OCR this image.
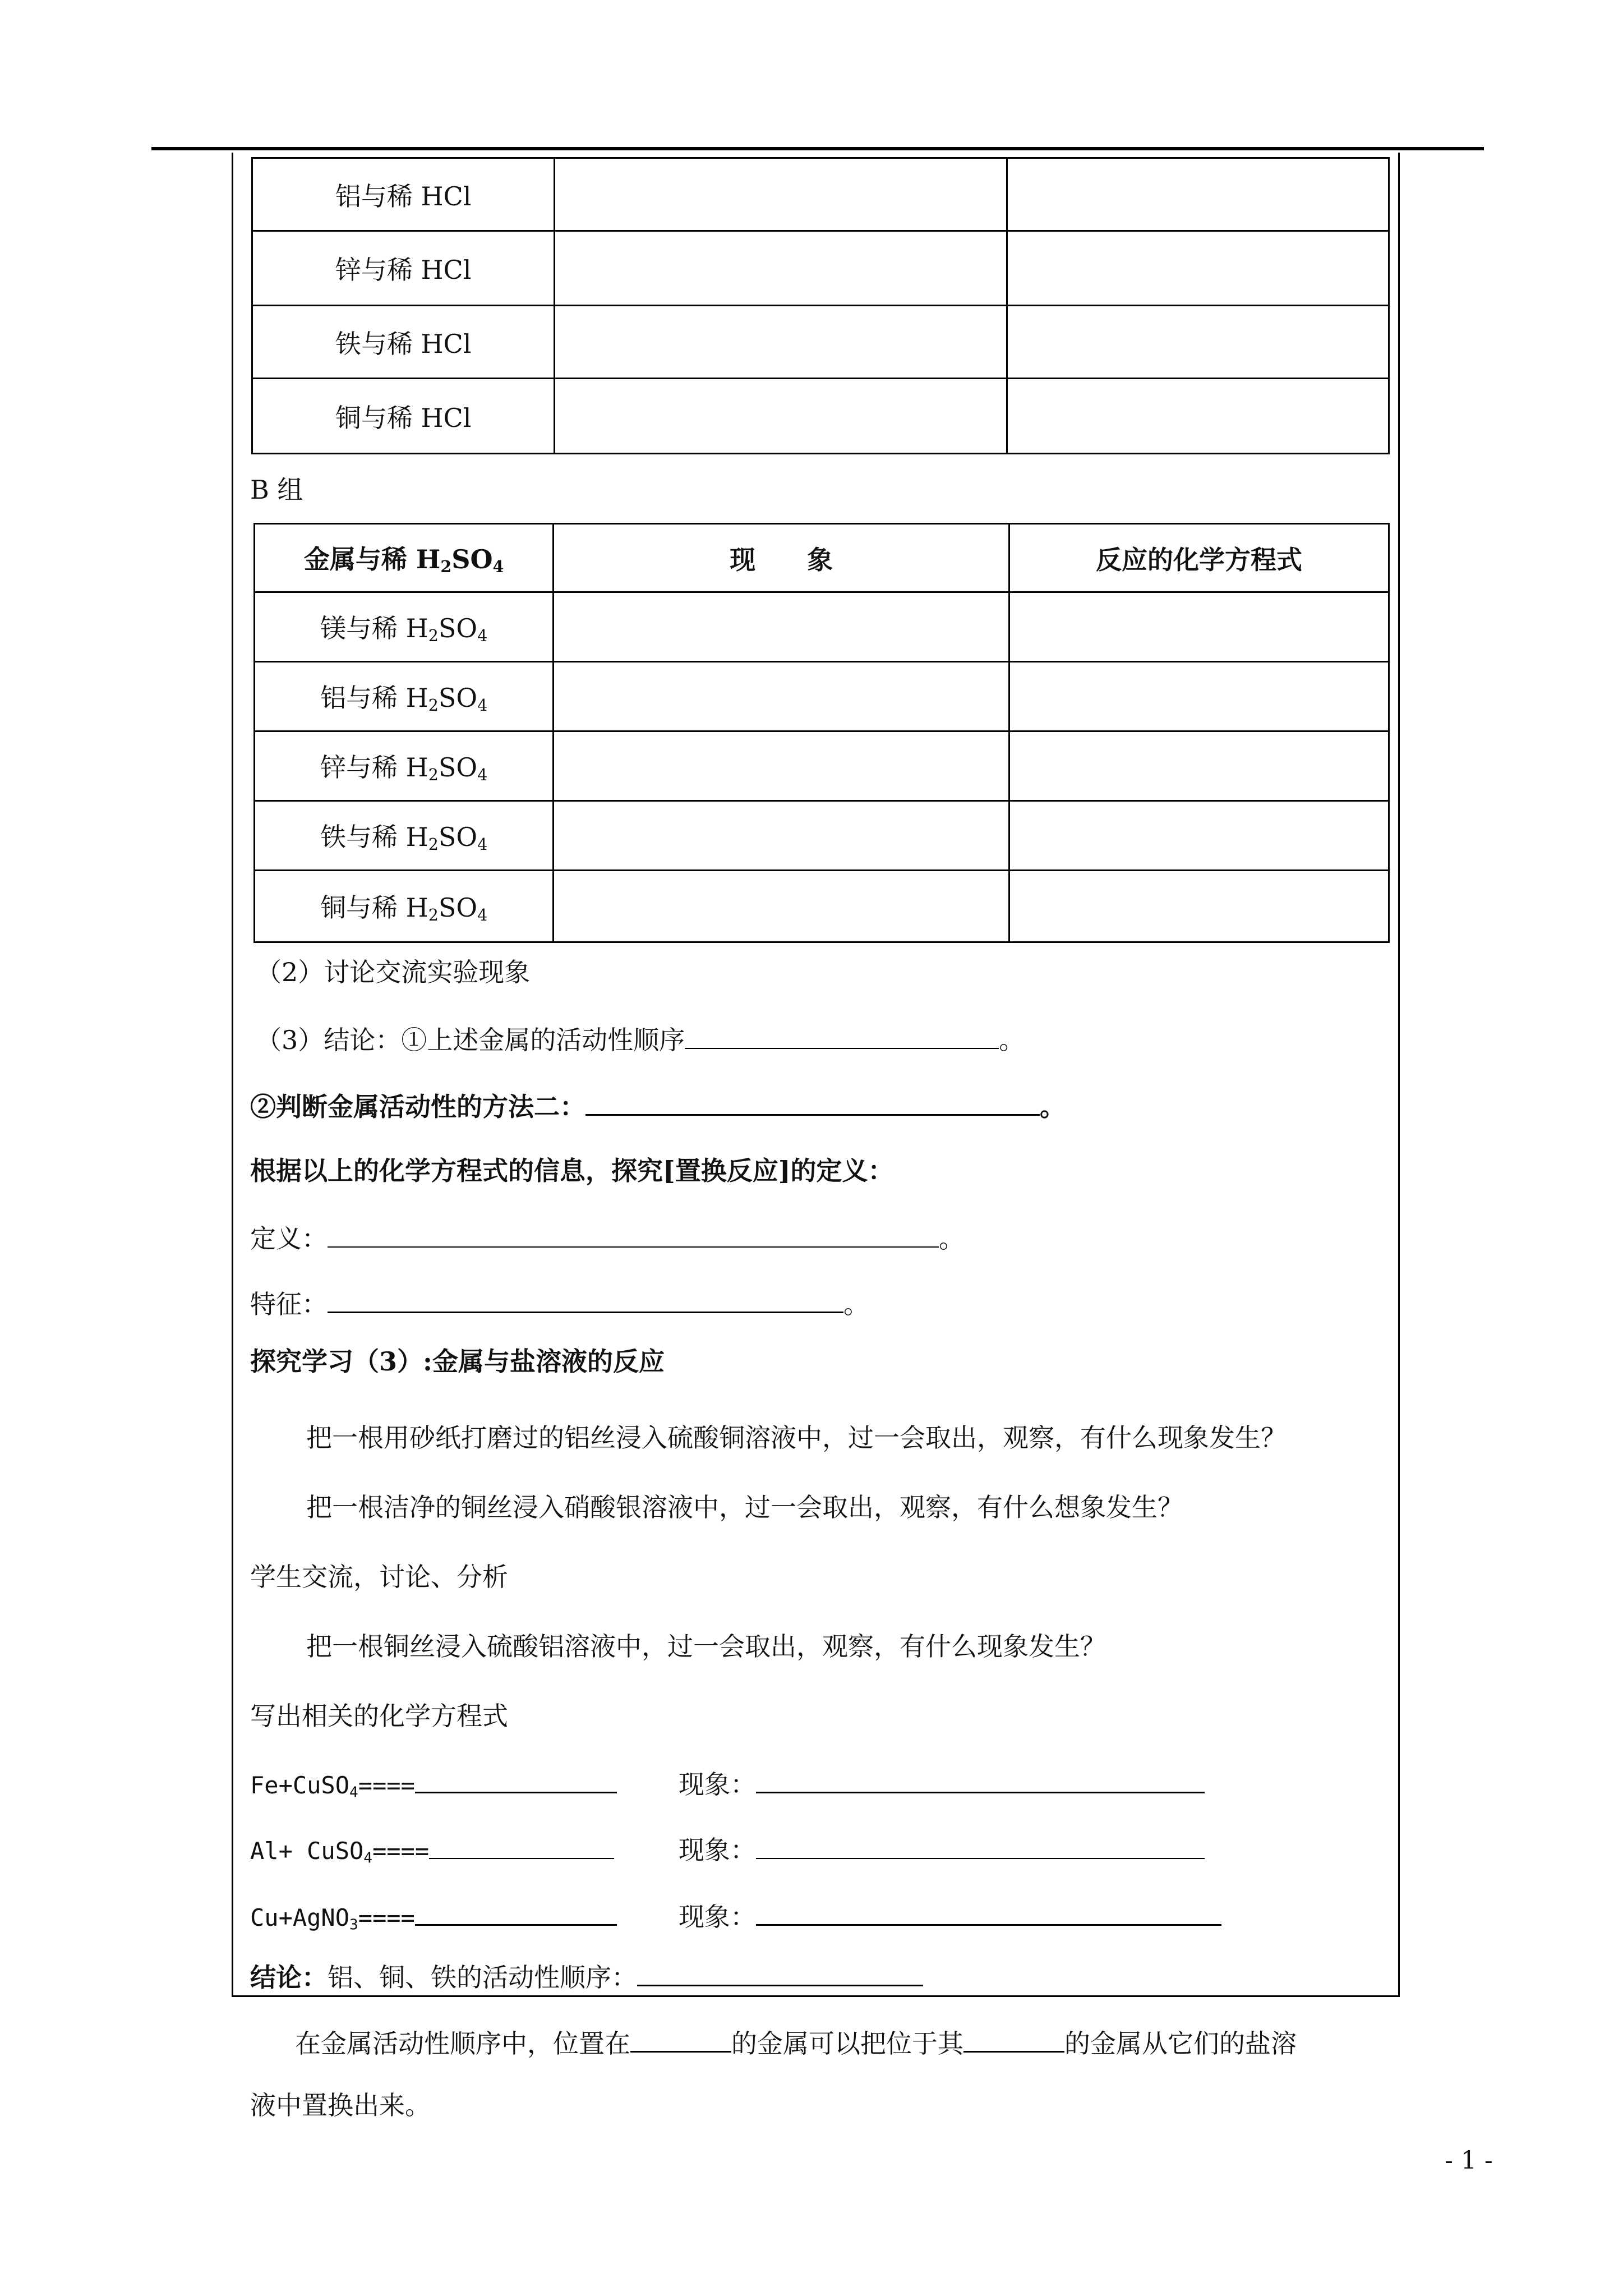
铝与稀 HCl		
锌与稀 HCl		
铁与稀 HCl		
铜与稀 HCl		
B 组
金属与稀 $H_2SO_4$	现　　象	反应的化学方程式
镁与稀 $H_2SO_4$		
铝与稀 $H_2SO_4$		
锌与稀 $H_2SO_4$		
铁与稀 $H_2SO_4$		
铜与稀 $H_2SO_4$		
（2）讨论交流实验现象
（3）结论：①上述金属的活动性顺序	。
②判断金属活动性的方法二：	。
根据以上的化学方程式的信息，探究[置换反应]的定义：
定义：	。
特征：	。
探究学习（3）:金属与盐溶液的反应
把一根用砂纸打磨过的铝丝浸入硫酸铜溶液中，过一会取出，观察，有什么现象发生？
把一根洁净的铜丝浸入硝酸银溶液中，过一会取出，观察，有什么想象发生？
学生交流，讨论、分析
把一根铜丝浸入硫酸铝溶液中，过一会取出，观察，有什么现象发生？
写出相关的化学方程式
Fe+CuSO$_4$====	现象：
Al+ CuSO$_4$====	现象：
Cu+AgNO$_3$====	现象：
结论：铝、铜、铁的活动性顺序：
在金属活动性顺序中，位置在	的金属可以把位于其	的金属从它们的盐溶
液中置换出来。
- 1 -
